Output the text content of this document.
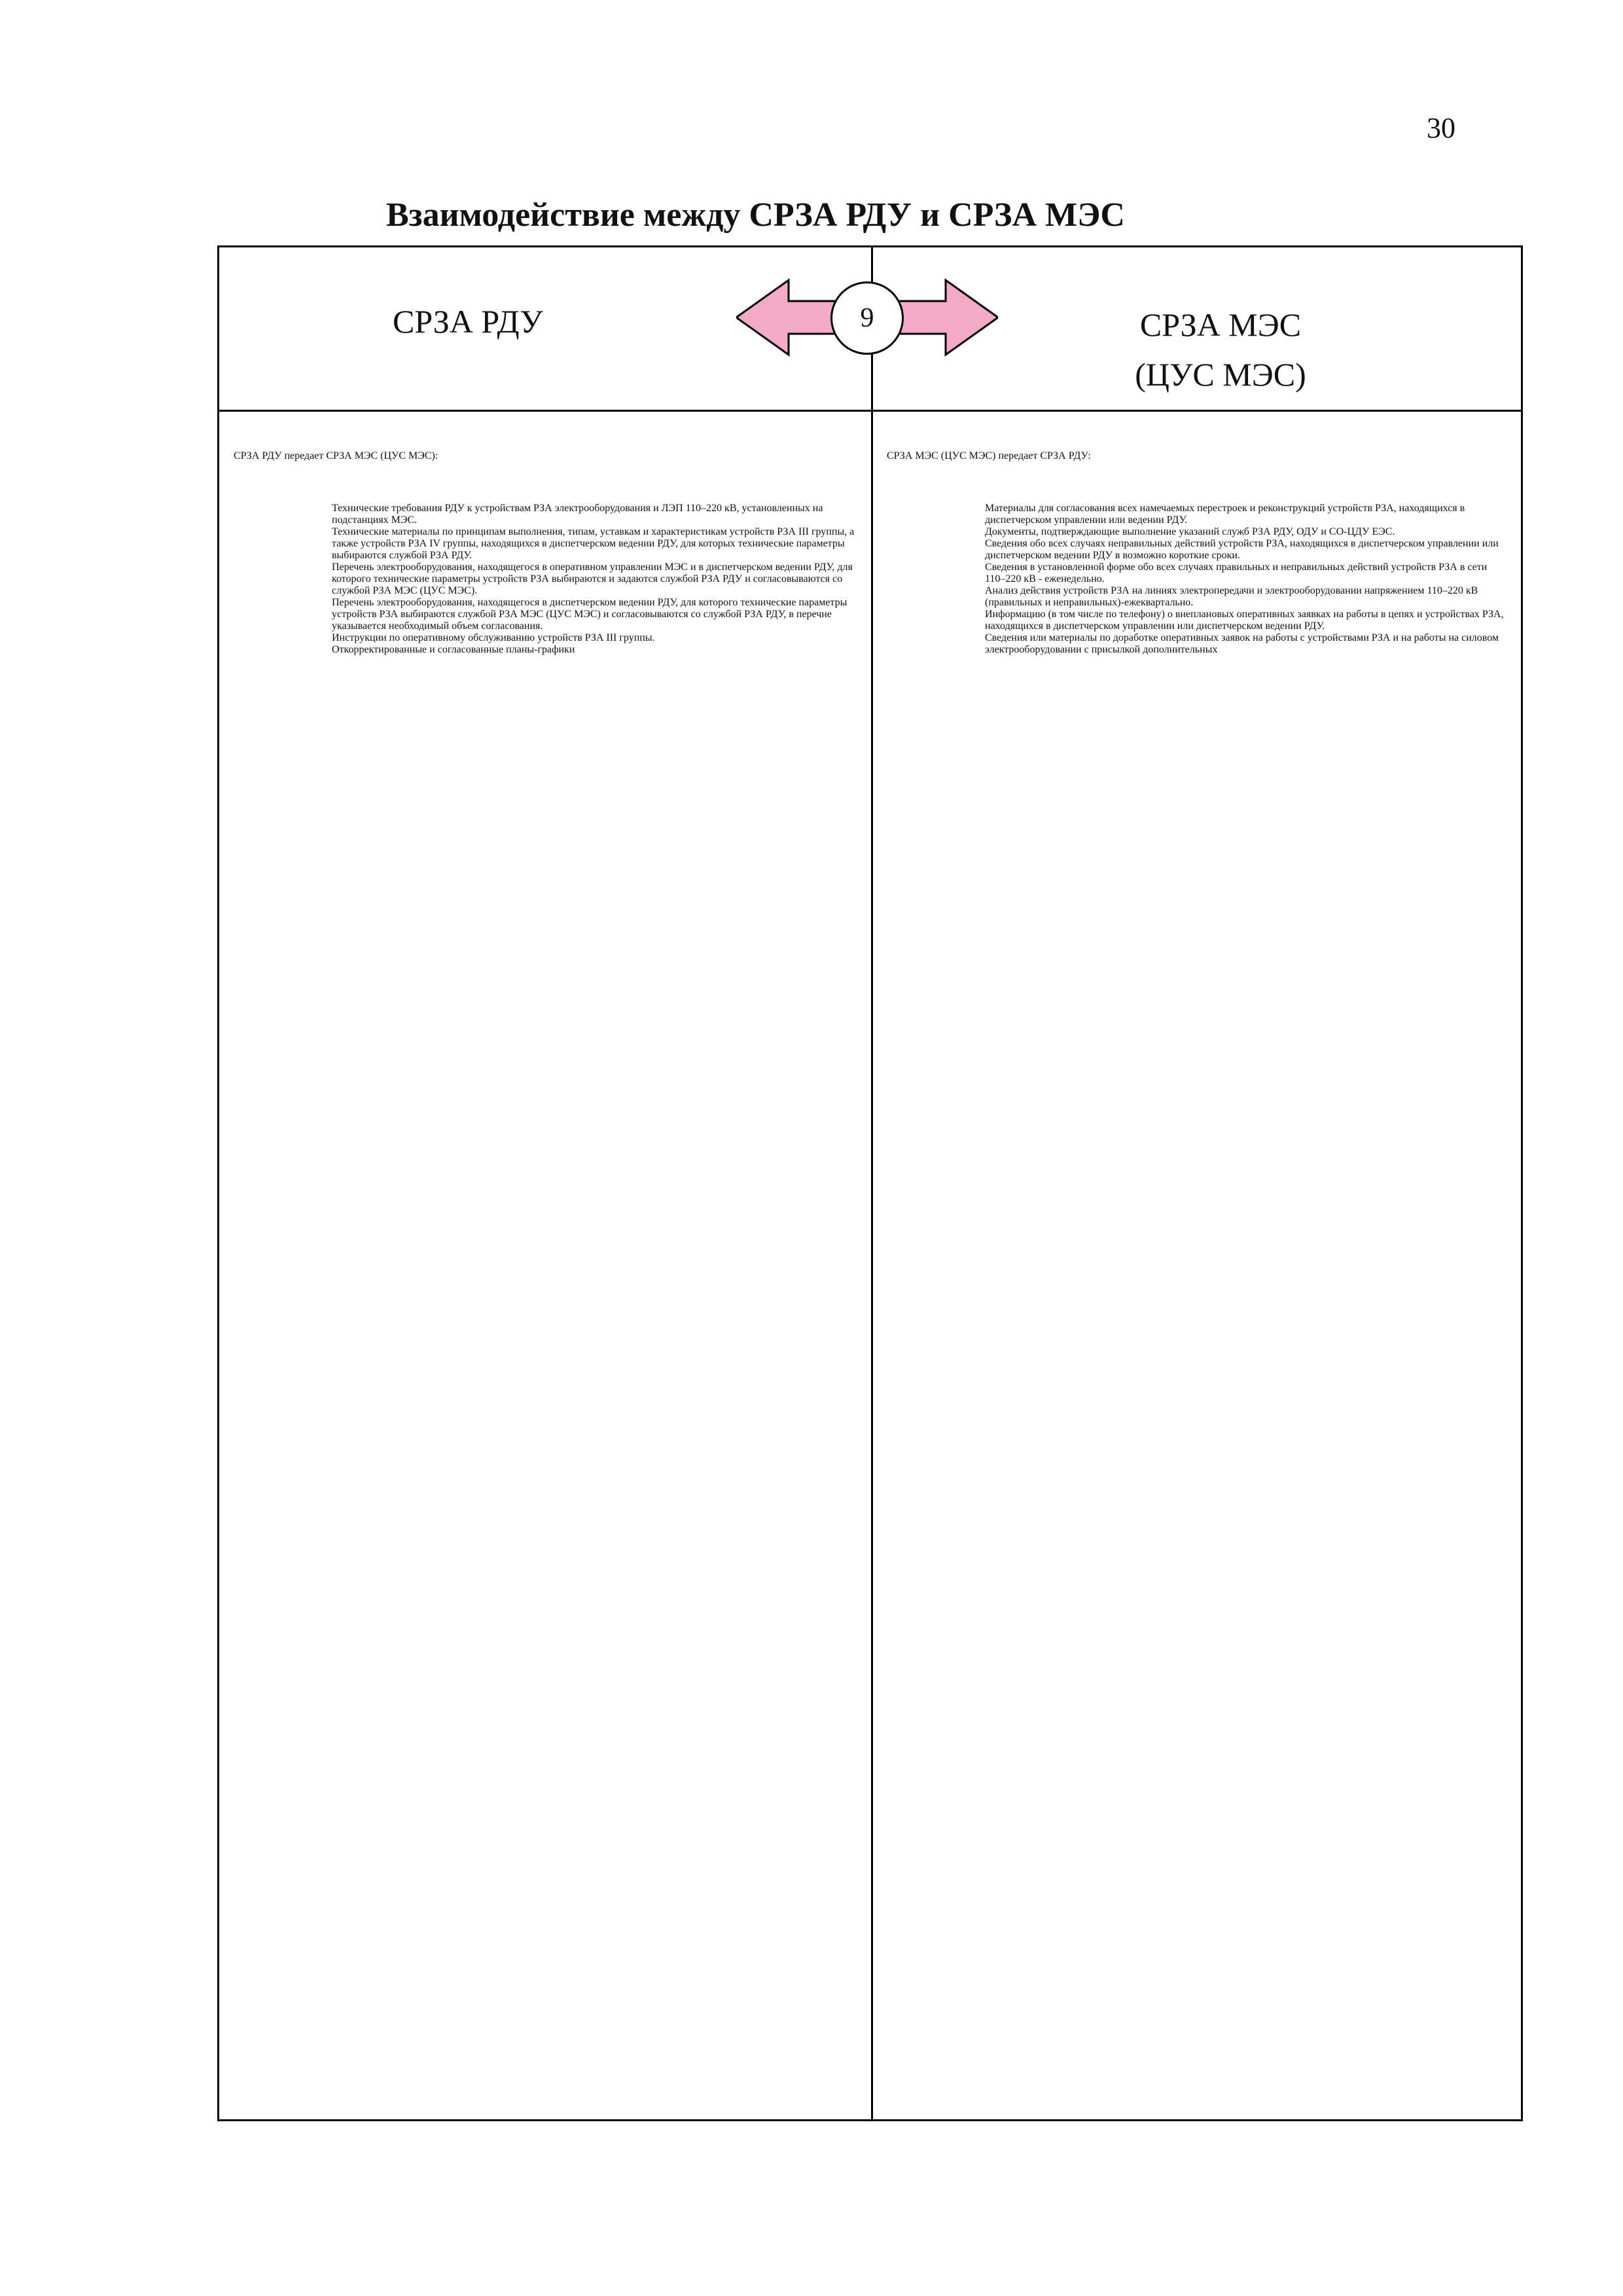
30
Взаимодействие между СРЗА РДУ и СРЗА МЭС
СРЗА РДУ	9	СРЗА МЭС
(ЦУС МЭС)

СРЗА РДУ передает СРЗА МЭС (ЦУС МЭС):

Технические требования РДУ к устройствам РЗА электрооборудования и ЛЭП 110–220 кВ, установленных на подстанциях МЭС.

Технические материалы по принципам выполнения, типам, уставкам и характеристикам устройств РЗА III группы, а также устройств РЗА IV группы, находящихся в диспетчерском ведении РДУ, для которых технические параметры выбираются службой РЗА РДУ.

Перечень электрооборудования, находящегося в оперативном управлении МЭС и в диспетчерском ведении РДУ, для которого технические параметры устройств РЗА выбираются и задаются службой РЗА РДУ и согласовываются со службой РЗА МЭС (ЦУС МЭС).

Перечень электрооборудования, находящегося в диспетчерском ведении РДУ, для которого технические параметры устройств РЗА выбираются службой РЗА МЭС (ЦУС МЭС) и согласовываются со службой РЗА РДУ, в перечне указывается необходимый объем согласования.

Инструкции по оперативному обслуживанию устройств РЗА III группы.

Откорректированные и согласованные планы-графики

СРЗА МЭС (ЦУС МЭС) передает СРЗА РДУ:

Материалы для согласования всех намечаемых перестроек и реконструкций устройств РЗА, находящихся в диспетчерском управлении или ведении РДУ.

Документы, подтверждающие выполнение указаний служб РЗА РДУ, ОДУ и СО-ЦДУ ЕЭС.

Сведения обо всех случаях неправильных действий устройств РЗА, находящихся в диспетчерском управлении или диспетчерском ведении РДУ в возможно короткие сроки.

Сведения в установленной форме обо всех случаях правильных и неправильных действий устройств РЗА в сети 110–220 кВ - еженедельно.

Анализ действия устройств РЗА на линиях электропередачи и электрооборудовании напряжением 110–220 кВ (правильных и неправильных)-ежеквартально.

Информацию (в том числе по телефону) о внеплановых оперативных заявках на работы в цепях и устройствах РЗА, находящихся в диспетчерском управлении или диспетчерском ведении РДУ.

Сведения или материалы по доработке оперативных заявок на работы с устройствами РЗА и на работы на силовом электрооборудовании с присылкой дополнительных
